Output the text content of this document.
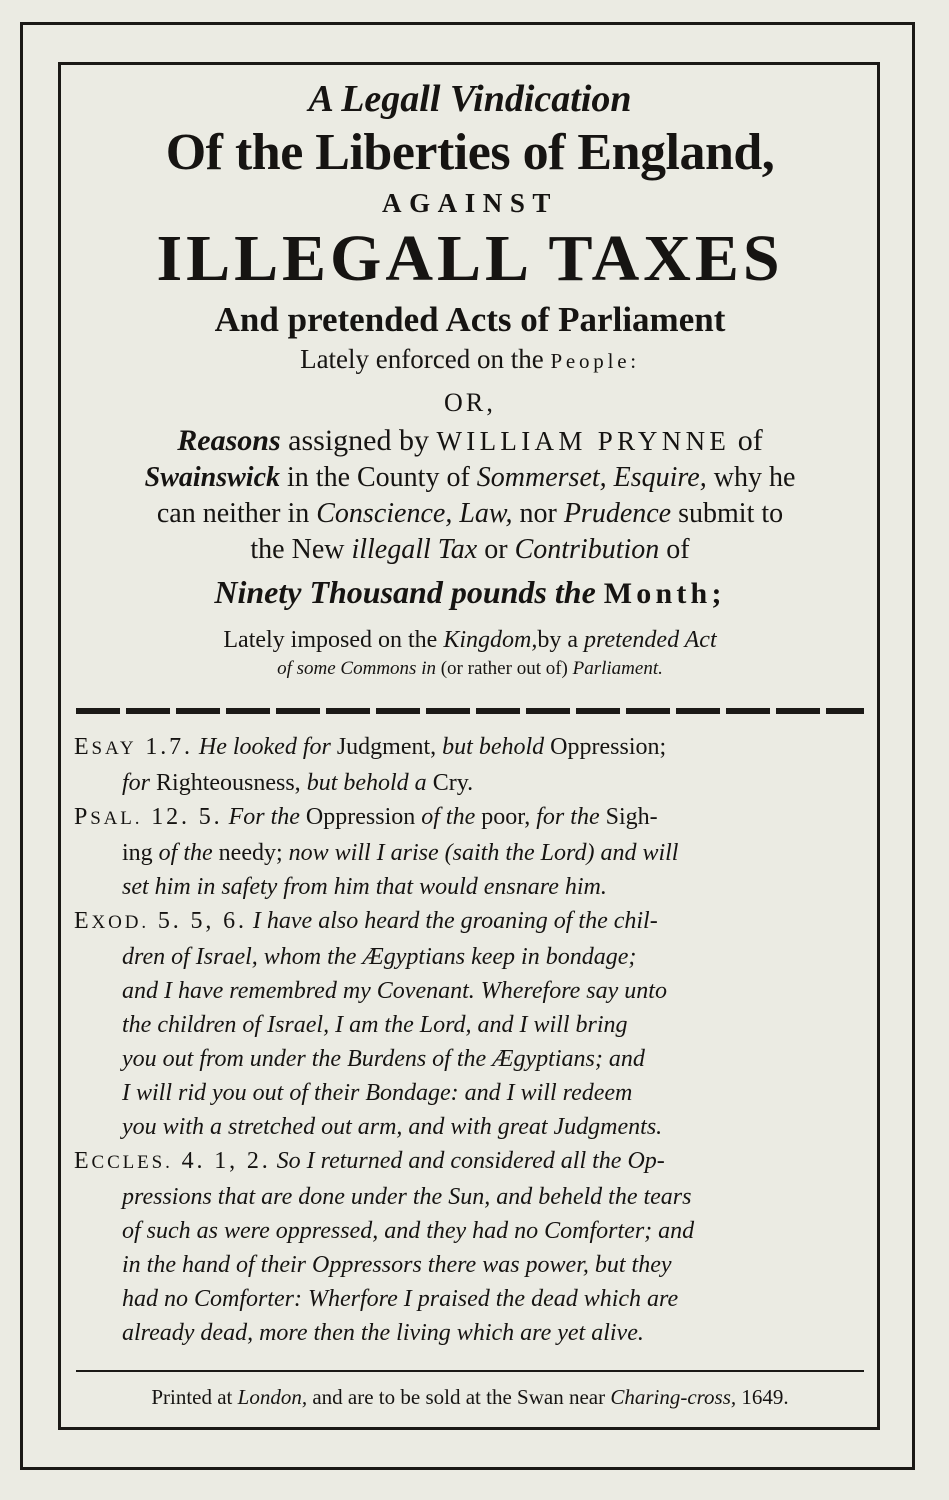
A Legall Vindication

Of the Liberties of England,

AGAINST

ILLEGALL TAXES

And pretended Acts of Parliament

Lately enforced on the People:

OR,

Reasons assigned by WILLIAM PRYNNE of

Swainswick in the County of Sommerset, Esquire, why he

can neither in Conscience, Law, nor Prudence submit to

the New illegall Tax or Contribution of

Ninety Thousand pounds the Month;

Lately imposed on the Kingdom,by a pretended Act

of some Commons in (or rather out of) Parliament.

ESAY 1.7. He looked for Judgment, but behold Oppression;

for Righteousness, but behold a Cry.

PSAL. 12. 5. For the Oppression of the poor, for the Sigh-

ing of the needy; now will I arise (saith the Lord) and will

set him in safety from him that would ensnare him.

EXOD. 5. 5, 6. I have also heard the groaning of the chil-

dren of Israel, whom the Ægyptians keep in bondage;

and I have remembred my Covenant. Wherefore say unto

the children of Israel, I am the Lord, and I will bring

you out from under the Burdens of the Ægyptians; and

I will rid you out of their Bondage: and I will redeem

you with a stretched out arm, and with great Judgments.

ECCLES. 4. 1, 2. So I returned and considered all the Op-

pressions that are done under the Sun, and beheld the tears

of such as were oppressed, and they had no Comforter; and

in the hand of their Oppressors there was power, but they

had no Comforter: Wherfore I praised the dead which are

already dead, more then the living which are yet alive.

Printed at London, and are to be sold at the Swan near Charing-cross, 1649.
